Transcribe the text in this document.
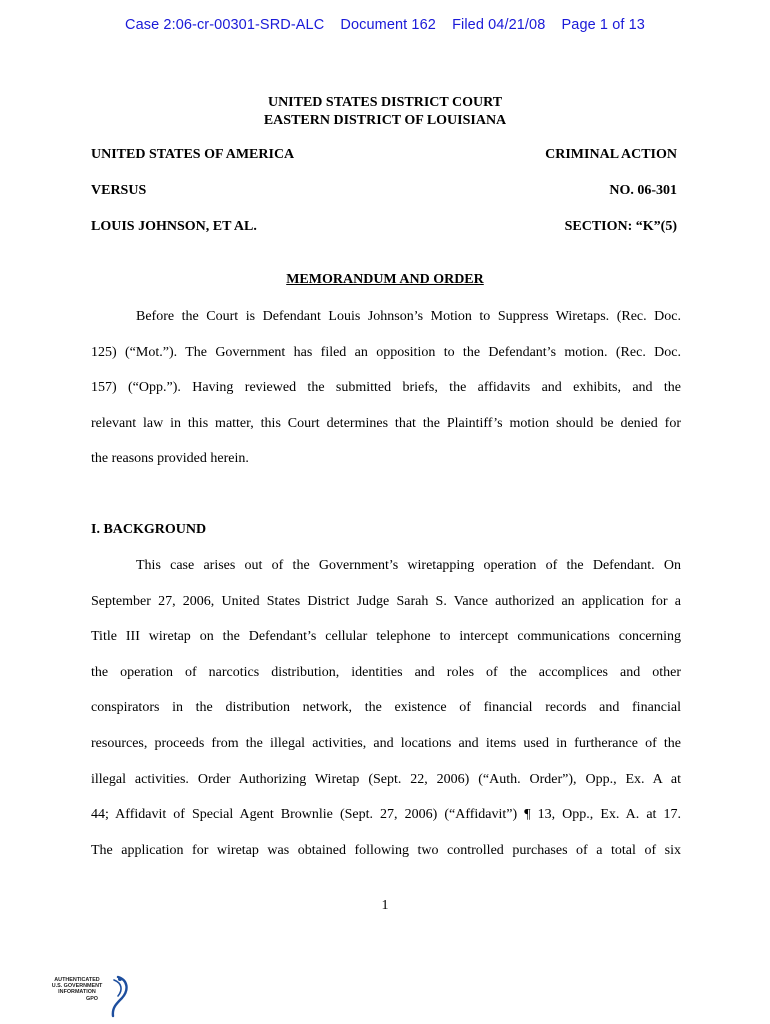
Case 2:06-cr-00301-SRD-ALC Document 162 Filed 04/21/08 Page 1 of 13
UNITED STATES DISTRICT COURT
EASTERN DISTRICT OF LOUISIANA
UNITED STATES OF AMERICA	CRIMINAL ACTION
VERSUS	NO. 06-301
LOUIS JOHNSON, ET AL.	SECTION: “K”(5)
MEMORANDUM AND ORDER

Before the Court is Defendant Louis Johnson’s Motion to Suppress Wiretaps. (Rec. Doc.
125) (“Mot.”). The Government has filed an opposition to the Defendant’s motion. (Rec. Doc.
157) (“Opp.”). Having reviewed the submitted briefs, the affidavits and exhibits, and the
relevant law in this matter, this Court determines that the Plaintiff’s motion should be denied for
the reasons provided herein.

I. BACKGROUND

This case arises out of the Government’s wiretapping operation of the Defendant. On
September 27, 2006, United States District Judge Sarah S. Vance authorized an application for a
Title III wiretap on the Defendant’s cellular telephone to intercept communications concerning
the operation of narcotics distribution, identities and roles of the accomplices and other
conspirators in the distribution network, the existence of financial records and financial
resources, proceeds from the illegal activities, and locations and items used in furtherance of the
illegal activities. Order Authorizing Wiretap (Sept. 22, 2006) (“Auth. Order”), Opp., Ex. A at
44; Affidavit of Special Agent Brownlie (Sept. 27, 2006) (“Affidavit”) ¶ 13, Opp., Ex. A. at 17.
The application for wiretap was obtained following two controlled purchases of a total of six

1
AUTHENTICATED
U.S. GOVERNMENT
INFORMATION
GPO
